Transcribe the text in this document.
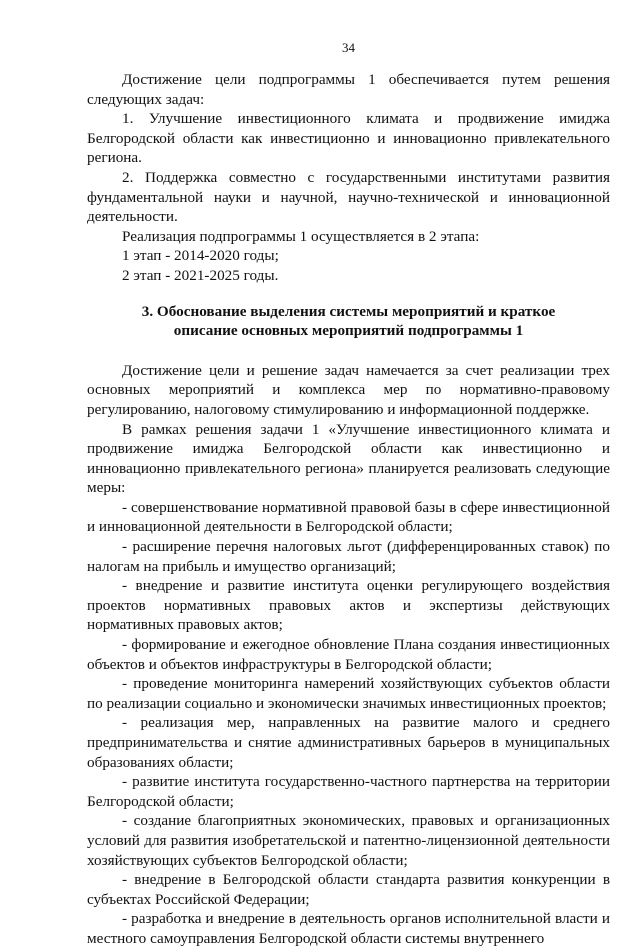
34

Достижение цели подпрограммы 1 обеспечивается путем решения следующих задач:

1. Улучшение инвестиционного климата и продвижение имиджа Белгородской области как инвестиционно и инновационно привлекательного региона.

2. Поддержка совместно с государственными институтами развития фундаментальной науки и научной, научно-технической и инновационной деятельности.

Реализация подпрограммы 1 осуществляется в 2 этапа:

1 этап - 2014-2020 годы;

2 этап - 2021-2025 годы.

3. Обоснование выделения системы мероприятий и краткое
описание основных мероприятий подпрограммы 1

Достижение цели и решение задач намечается за счет реализации трех основных мероприятий и комплекса мер по нормативно-правовому регулированию, налоговому стимулированию и информационной поддержке.

В рамках решения задачи 1 «Улучшение инвестиционного климата и продвижение имиджа Белгородской области как инвестиционно и инновационно привлекательного региона» планируется реализовать следующие меры:

- совершенствование нормативной правовой базы в сфере инвестиционной и инновационной деятельности в Белгородской области;

- расширение перечня налоговых льгот (дифференцированных ставок) по налогам на прибыль и имущество организаций;

- внедрение и развитие института оценки регулирующего воздействия проектов нормативных правовых актов и экспертизы действующих нормативных правовых актов;

- формирование и ежегодное обновление Плана создания инвестиционных объектов и объектов инфраструктуры в Белгородской области;

- проведение мониторинга намерений хозяйствующих субъектов области по реализации социально и экономически значимых инвестиционных проектов;

- реализация мер, направленных на развитие малого и среднего предпринимательства и снятие административных барьеров в муниципальных образованиях области;

- развитие института государственно-частного партнерства на территории Белгородской области;

- создание благоприятных экономических, правовых и организационных условий для развития изобретательской и патентно-лицензионной деятельности хозяйствующих субъектов Белгородской области;

- внедрение в Белгородской области стандарта развития конкуренции в субъектах Российской Федерации;

- разработка и внедрение в деятельность органов исполнительной власти и местного самоуправления Белгородской области системы внутреннего
